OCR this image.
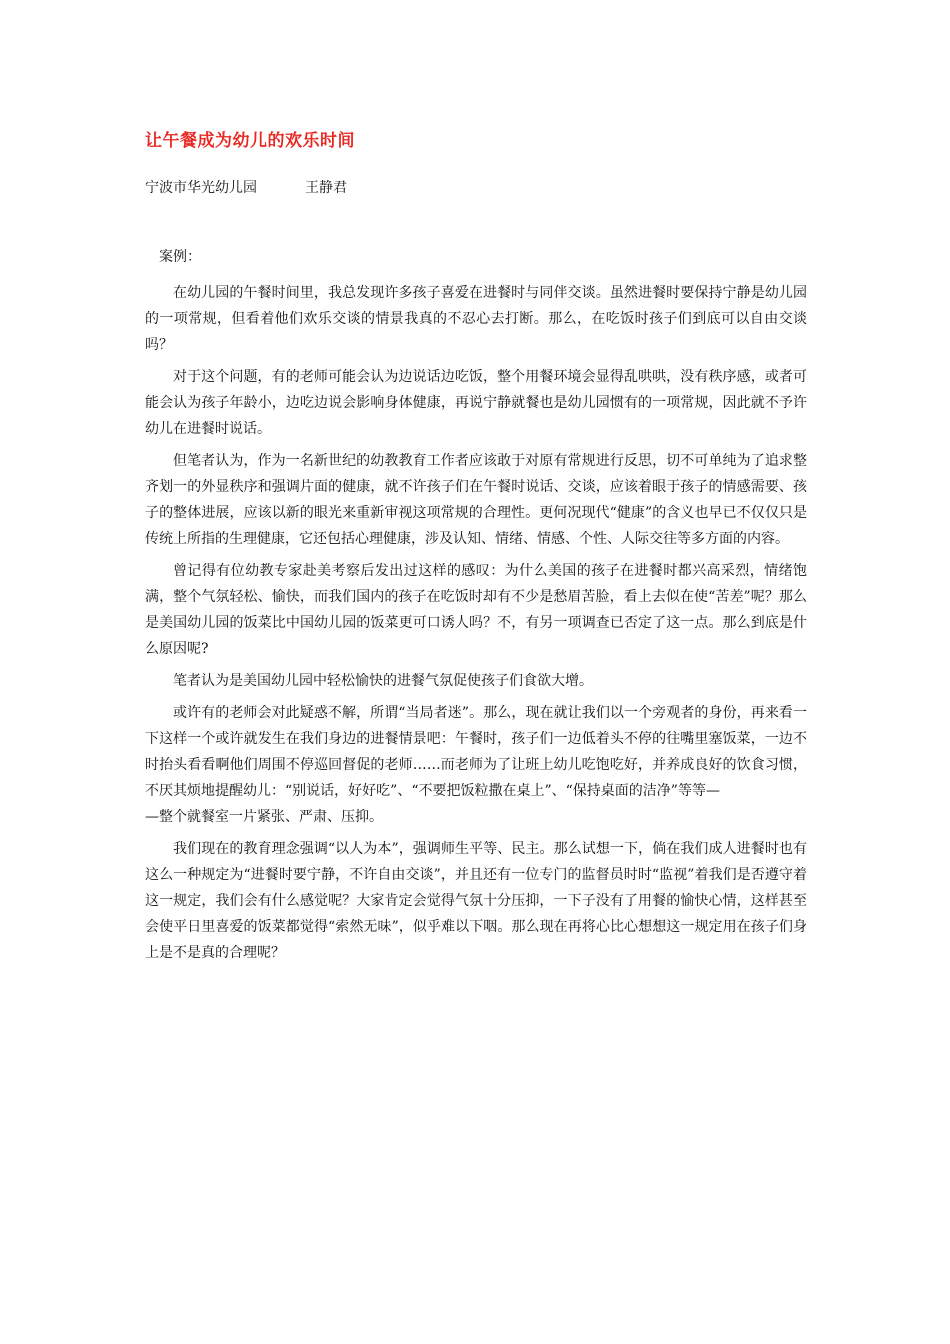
让午餐成为幼儿的欢乐时间
宁波市华光幼儿园	王静君

案例：

在幼儿园的午餐时间里，我总发现许多孩子喜爱在进餐时与同伴交谈。虽然进餐时要保持宁静是幼儿园的一项常规，但看着他们欢乐交谈的情景我真的不忍心去打断。那么，在吃饭时孩子们到底可以自由交谈吗？

对于这个问题，有的老师可能会认为边说话边吃饭，整个用餐环境会显得乱哄哄，没有秩序感，或者可能会认为孩子年龄小，边吃边说会影响身体健康，再说宁静就餐也是幼儿园惯有的一项常规，因此就不予许幼儿在进餐时说话。

但笔者认为，作为一名新世纪的幼教教育工作者应该敢于对原有常规进行反思，切不可单纯为了追求整齐划一的外显秩序和强调片面的健康，就不许孩子们在午餐时说话、交谈，应该着眼于孩子的情感需要、孩子的整体进展，应该以新的眼光来重新审视这项常规的合理性。更何况现代“健康”的含义也早已不仅仅只是传统上所指的生理健康，它还包括心理健康，涉及认知、情绪、情感、个性、人际交往等多方面的内容。

曾记得有位幼教专家赴美考察后发出过这样的感叹：为什么美国的孩子在进餐时都兴高采烈，情绪饱满，整个气氛轻松、愉快，而我们国内的孩子在吃饭时却有不少是愁眉苦脸，看上去似在使“苦差”呢？那么是美国幼儿园的饭菜比中国幼儿园的饭菜更可口诱人吗？不，有另一项调查已否定了这一点。那么到底是什么原因呢?

笔者认为是美国幼儿园中轻松愉快的进餐气氛促使孩子们食欲大增。

或许有的老师会对此疑惑不解，所谓“当局者迷”。那么，现在就让我们以一个旁观者的身份，再来看一下这样一个或许就发生在我们身边的进餐情景吧：午餐时，孩子们一边低着头不停的往嘴里塞饭菜，一边不时抬头看看啊他们周围不停巡回督促的老师……而老师为了让班上幼儿吃饱吃好，并养成良好的饮食习惯，不厌其烦地提醒幼儿：“别说话，好好吃”、“不要把饭粒撒在桌上”、“保持桌面的洁净”等等—

—整个就餐室一片紧张、严肃、压抑。

我们现在的教育理念强调“以人为本”，强调师生平等、民主。那么试想一下，倘在我们成人进餐时也有这么一种规定为“进餐时要宁静，不许自由交谈”，并且还有一位专门的监督员时时“监视”着我们是否遵守着这一规定，我们会有什么感觉呢？大家肯定会觉得气氛十分压抑，一下子没有了用餐的愉快心情，这样甚至会使平日里喜爱的饭菜都觉得“索然无味”，似乎难以下咽。那么现在再将心比心想想这一规定用在孩子们身上是不是真的合理呢？
